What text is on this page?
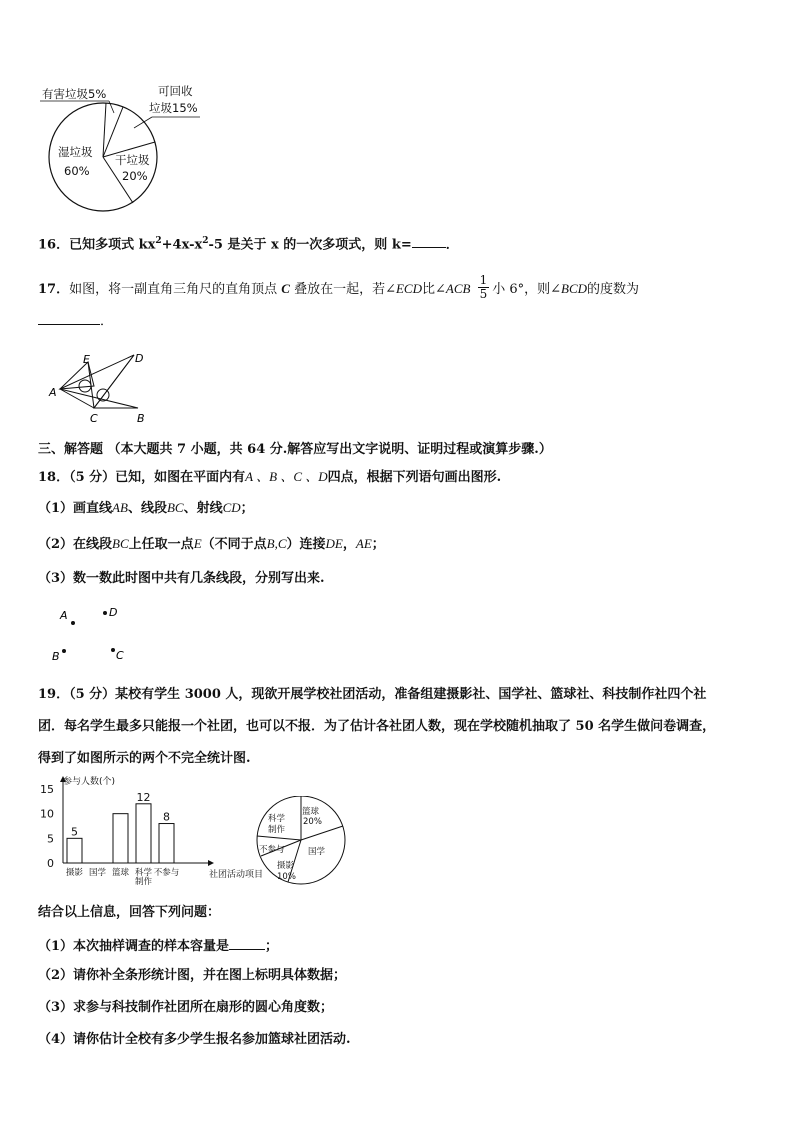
有害垃圾5%	可回收
垃圾15%
干垃圾
20%
湿垃圾
60%
16．已知多项式 $kx^2+4x-x^2-5$ 是关于 x 的一次多项式，则 k=	．
17．如图，将一副直角三角尺的直角顶点 C 叠放在一起，若∠ECD比∠ACB $\frac{1}{5}$ 小 6°，则∠BCD的度数为
．
A
E	D
C	B
三、解答题 （本大题共 7 小题，共 64 分.解答应写出文字说明、证明过程或演算步骤.）
18．（5 分）已知，如图在平面内有A 、B 、C 、D四点，根据下列语句画出图形.
（1）画直线AB、线段BC、射线CD；
（2）在线段BC上任取一点E（不同于点B,C）连接DE，AE；
（3）数一数此时图中共有几条线段，分别写出来.
A	D
B	C
19．（5 分）某校有学生 3000 人，现欲开展学校社团活动，准备组建摄影社、国学社、篮球社、科技制作社四个社
团．每名学生最多只能报一个社团，也可以不报．为了估计各社团人数，现在学校随机抽取了 50 名学生做问卷调查，
得到了如图所示的两个不完全统计图.
5
12
8
0
5
10
15
摄影 国学 篮球 科学制作
不参与
参与人数(个)
社团活动项目
篮球
20%
国学
摄影
10%
不参与
科学
制作
结合以上信息，回答下列问题：
（1）本次抽样调查的样本容量是	；
（2）请你补全条形统计图，并在图上标明具体数据；
（3）求参与科技制作社团所在扇形的圆心角度数；
（4）请你估计全校有多少学生报名参加篮球社团活动.
